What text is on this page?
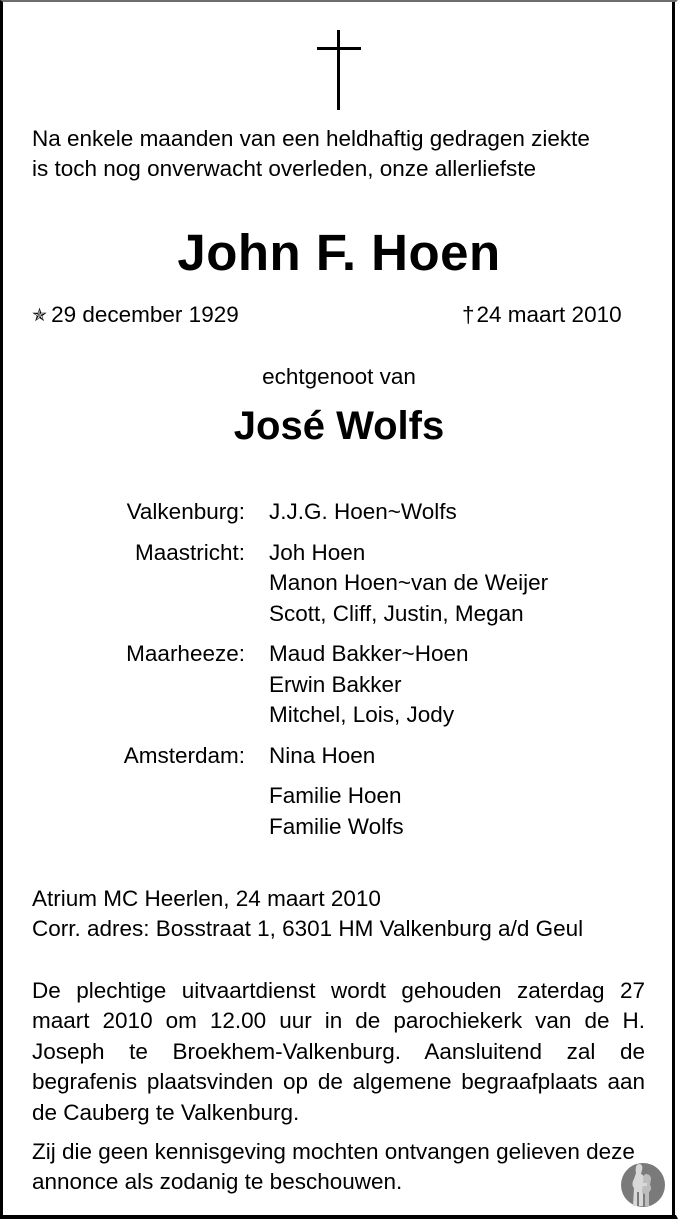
Na enkele maanden van een heldhaftig gedragen ziekte
is toch nog onverwacht overleden, onze allerliefste
John F. Hoen
✯ 29 december 1929	†24 maart 2010
echtgenoot van
José Wolfs
Valkenburg: J.J.G. Hoen~Wolfs
Maastricht: Joh Hoen
Manon Hoen~van de Weijer
Scott, Cliff, Justin, Megan
Maarheeze: Maud Bakker~Hoen
Erwin Bakker
Mitchel, Lois, Jody
Amsterdam: Nina Hoen
Familie Hoen
Familie Wolfs
Atrium MC Heerlen, 24 maart 2010
Corr. adres: Bosstraat 1, 6301 HM Valkenburg a/d Geul
De plechtige uitvaartdienst wordt gehouden zaterdag 27 maart 2010 om 12.00 uur in de parochiekerk van de H. Joseph te Broekhem-Valkenburg. Aansluitend zal de begrafenis plaatsvinden op de algemene begraafplaats aan de Cauberg te Valkenburg.
Zij die geen kennisgeving mochten ontvangen gelieven deze annonce als zodanig te beschouwen.
